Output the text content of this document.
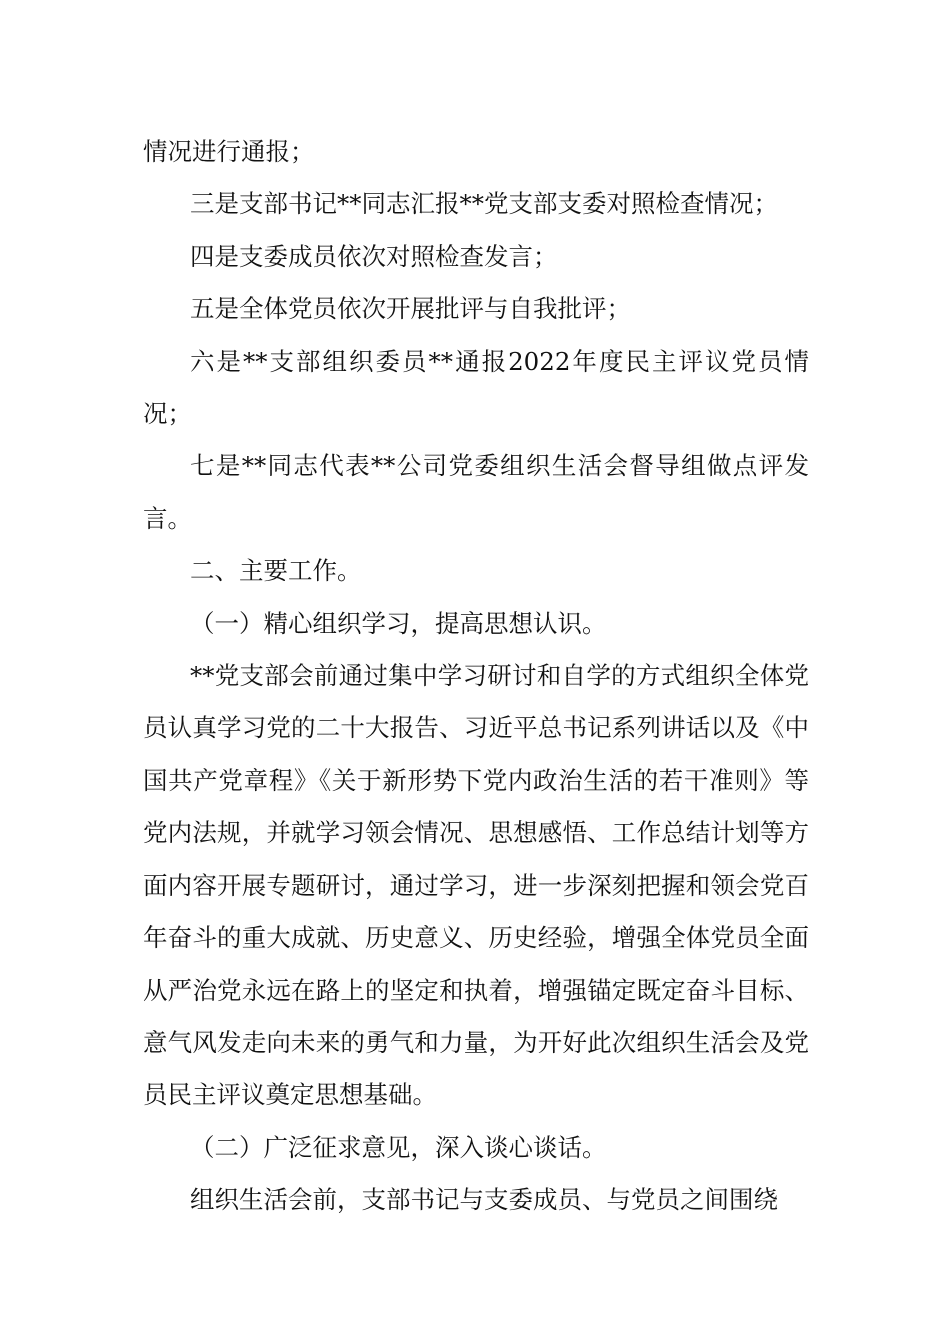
情况进行通报；

三是支部书记**同志汇报**党支部支委对照检查情况；

四是支委成员依次对照检查发言；

五是全体党员依次开展批评与自我批评；

六是**支部组织委员**通报2022年度民主评议党员情况；

七是**同志代表**公司党委组织生活会督导组做点评发言。

二、主要工作。

（一）精心组织学习，提高思想认识。

**党支部会前通过集中学习研讨和自学的方式组织全体党员认真学习党的二十大报告、习近平总书记系列讲话以及《中国共产党章程》《关于新形势下党内政治生活的若干准则》等党内法规，并就学习领会情况、思想感悟、工作总结计划等方面内容开展专题研讨，通过学习，进一步深刻把握和领会党百年奋斗的重大成就、历史意义、历史经验，增强全体党员全面从严治党永远在路上的坚定和执着，增强锚定既定奋斗目标、意气风发走向未来的勇气和力量，为开好此次组织生活会及党员民主评议奠定思想基础。

（二）广泛征求意见，深入谈心谈话。

组织生活会前，支部书记与支委成员、与党员之间围绕
